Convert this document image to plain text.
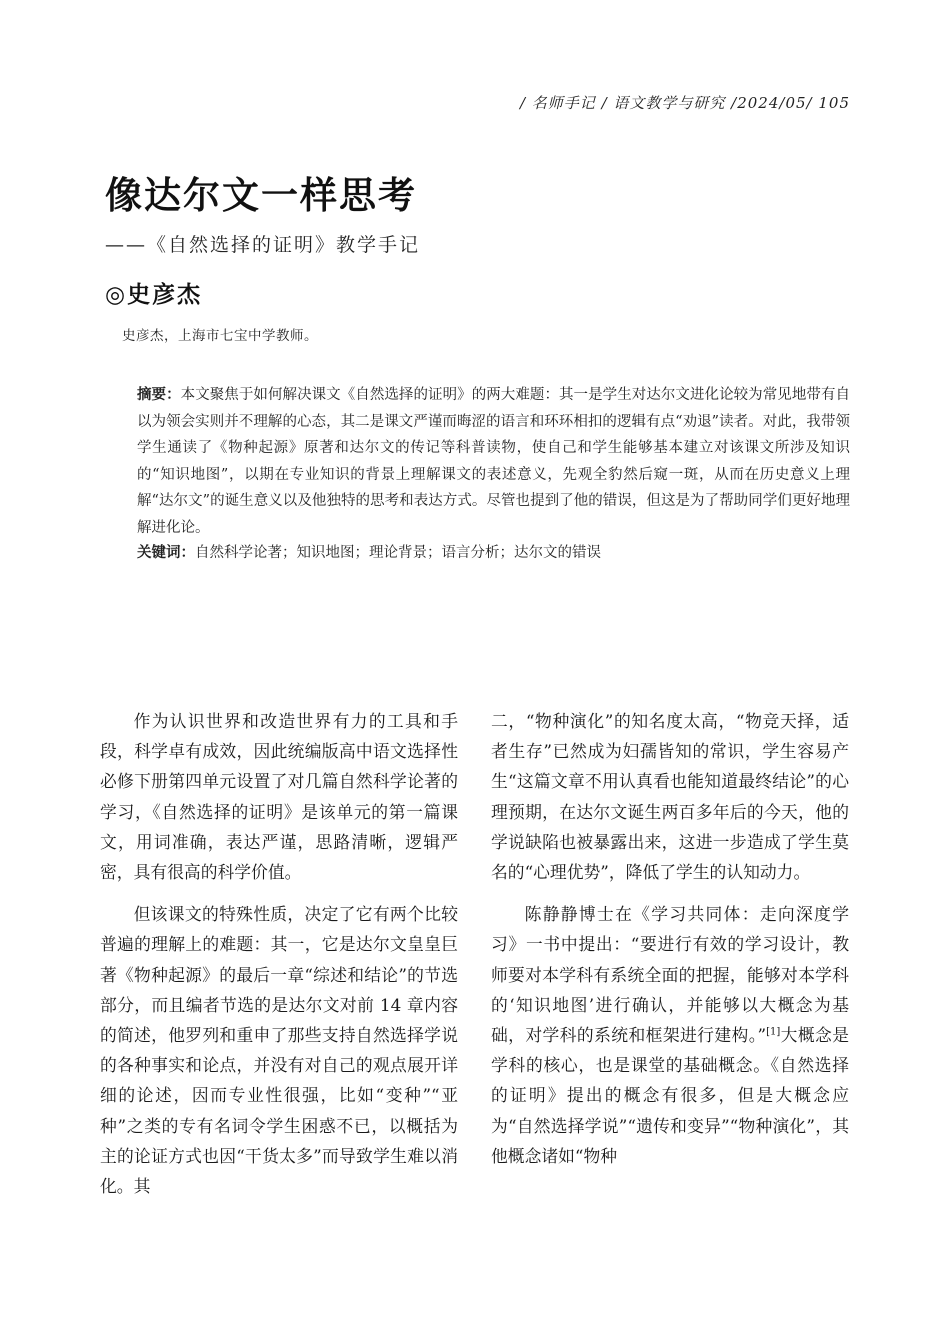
/ 名师手记 / 语文教学与研究 /2024/05/ 105
像达尔文一样思考
——《自然选择的证明》教学手记
◎史彦杰
史彦杰，上海市七宝中学教师。

摘要：本文聚焦于如何解决课文《自然选择的证明》的两大难题：其一是学生对达尔文进化论较为常见地带有自以为领会实则并不理解的心态，其二是课文严谨而晦涩的语言和环环相扣的逻辑有点“劝退”读者。对此，我带领学生通读了《物种起源》原著和达尔文的传记等科普读物，使自己和学生能够基本建立对该课文所涉及知识的“知识地图”，以期在专业知识的背景上理解课文的表述意义，先观全豹然后窥一斑，从而在历史意义上理解“达尔文”的诞生意义以及他独特的思考和表达方式。尽管也提到了他的错误，但这是为了帮助同学们更好地理解进化论。

关键词：自然科学论著；知识地图；理论背景；语言分析；达尔文的错误

作为认识世界和改造世界有力的工具和手段，科学卓有成效，因此统编版高中语文选择性必修下册第四单元设置了对几篇自然科学论著的学习，《自然选择的证明》是该单元的第一篇课文，用词准确，表达严谨，思路清晰，逻辑严密，具有很高的科学价值。

但该课文的特殊性质，决定了它有两个比较普遍的理解上的难题：其一，它是达尔文皇皇巨著《物种起源》的最后一章“综述和结论”的节选部分，而且编者节选的是达尔文对前 14 章内容的简述，他罗列和重申了那些支持自然选择学说的各种事实和论点，并没有对自己的观点展开详细的论述，因而专业性很强，比如“变种”“亚种”之类的专有名词令学生困惑不已，以概括为主的论证方式也因“干货太多”而导致学生难以消化。其

二，“物种演化”的知名度太高，“物竞天择，适者生存”已然成为妇孺皆知的常识，学生容易产生“这篇文章不用认真看也能知道最终结论”的心理预期，在达尔文诞生两百多年后的今天，他的学说缺陷也被暴露出来，这进一步造成了学生莫名的“心理优势”，降低了学生的认知动力。

陈静静博士在《学习共同体：走向深度学习》一书中提出：“要进行有效的学习设计，教师要对本学科有系统全面的把握，能够对本学科的‘知识地图’进行确认，并能够以大概念为基础，对学科的系统和框架进行建构。”[1]大概念是学科的核心，也是课堂的基础概念。《自然选择的证明》提出的概念有很多，但是大概念应为“自然选择学说”“遗传和变异”“物种演化”，其他概念诸如“物种
